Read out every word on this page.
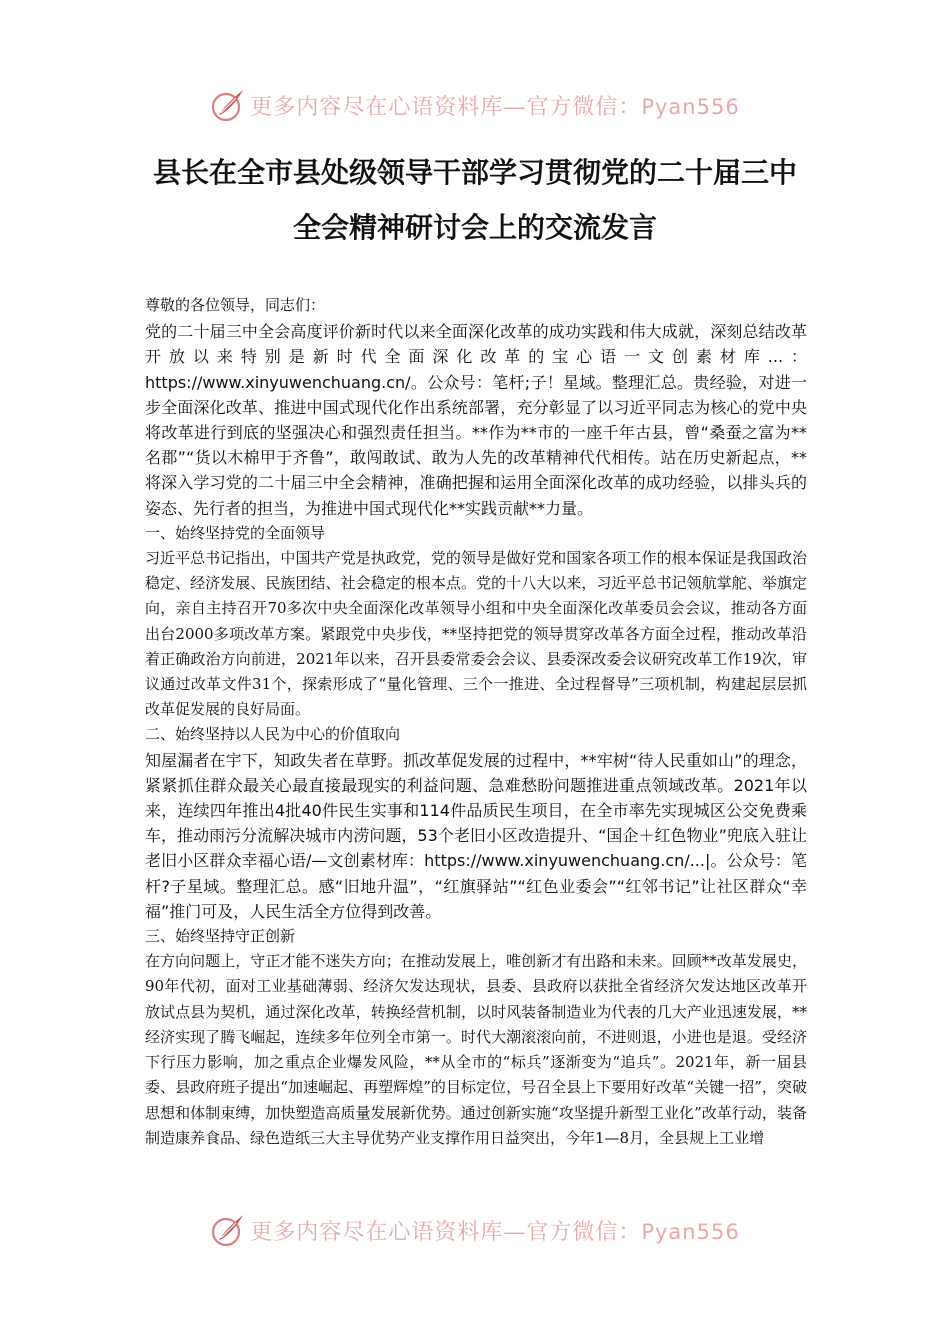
更多内容尽在心语资料库—官方微信：Pyan556
县长在全市县处级领导干部学习贯彻党的二十届三中
全会精神研讨会上的交流发言

尊敬的各位领导，同志们：

党的二十届三中全会高度评价新时代以来全面深化改革的成功实践和伟大成就，深刻总结改革开放以来特别是新时代全面深化改革的宝心语一文创素材库...：https://www.xinyuwenchuang.cn/。公众号：笔杆;子！星域。整理汇总。贵经验，对进一步全面深化改革、推进中国式现代化作出系统部署，充分彰显了以习近平同志为核心的党中央将改革进行到底的坚强决心和强烈责任担当。**作为**市的一座千年古县，曾“桑蚕之富为**名郡”“货以木棉甲于齐鲁”，敢闯敢试、敢为人先的改革精神代代相传。站在历史新起点，**将深入学习党的二十届三中全会精神，准确把握和运用全面深化改革的成功经验，以排头兵的姿态、先行者的担当，为推进中国式现代化**实践贡献**力量。

一、始终坚持党的全面领导

习近平总书记指出，中国共产党是执政党，党的领导是做好党和国家各项工作的根本保证是我国政治稳定、经济发展、民族团结、社会稳定的根本点。党的十八大以来，习近平总书记领航掌舵、举旗定向，亲自主持召开70多次中央全面深化改革领导小组和中央全面深化改革委员会会议，推动各方面出台2000多项改革方案。紧跟党中央步伐，**坚持把党的领导贯穿改革各方面全过程，推动改革沿着正确政治方向前进，2021年以来，召开县委常委会会议、县委深改委会议研究改革工作19次，审议通过改革文件31个，探索形成了“量化管理、三个一推进、全过程督导”三项机制，构建起层层抓改革促发展的良好局面。

二、始终坚持以人民为中心的价值取向

知屋漏者在宇下，知政失者在草野。抓改革促发展的过程中，**牢树“待人民重如山”的理念，紧紧抓住群众最关心最直接最现实的利益问题、急难愁盼问题推进重点领域改革。2021年以来，连续四年推出4批40件民生实事和114件品质民生项目，在全市率先实现城区公交免费乘车，推动雨污分流解决城市内涝问题，53个老旧小区改造提升、“国企＋红色物业”兜底入驻让老旧小区群众幸福心语/—文创素材库：https://www.xinyuwenchuang.cn/...|。公众号：笔杆?子星域。整理汇总。感“旧地升温”，“红旗驿站”“红色业委会”“红邻书记”让社区群众“幸福”推门可及，人民生活全方位得到改善。

三、始终坚持守正创新

在方向问题上，守正才能不迷失方向；在推动发展上，唯创新才有出路和未来。回顾**改革发展史，90年代初，面对工业基础薄弱、经济欠发达现状，县委、县政府以获批全省经济欠发达地区改革开放试点县为契机，通过深化改革，转换经营机制，以时风装备制造业为代表的几大产业迅速发展，**经济实现了腾飞崛起，连续多年位列全市第一。时代大潮滚滚向前，不进则退，小进也是退。受经济下行压力影响，加之重点企业爆发风险，**从全市的“标兵”逐渐变为“追兵”。2021年，新一届县委、县政府班子提出“加速崛起、再塑辉煌”的目标定位，号召全县上下要用好改革“关键一招”，突破思想和体制束缚，加快塑造高质量发展新优势。通过创新实施“攻坚提升新型工业化”改革行动，装备制造康养食品、绿色造纸三大主导优势产业支撑作用日益突出，今年1—8月，全县规上工业增

更多内容尽在心语资料库—官方微信：Pyan556
